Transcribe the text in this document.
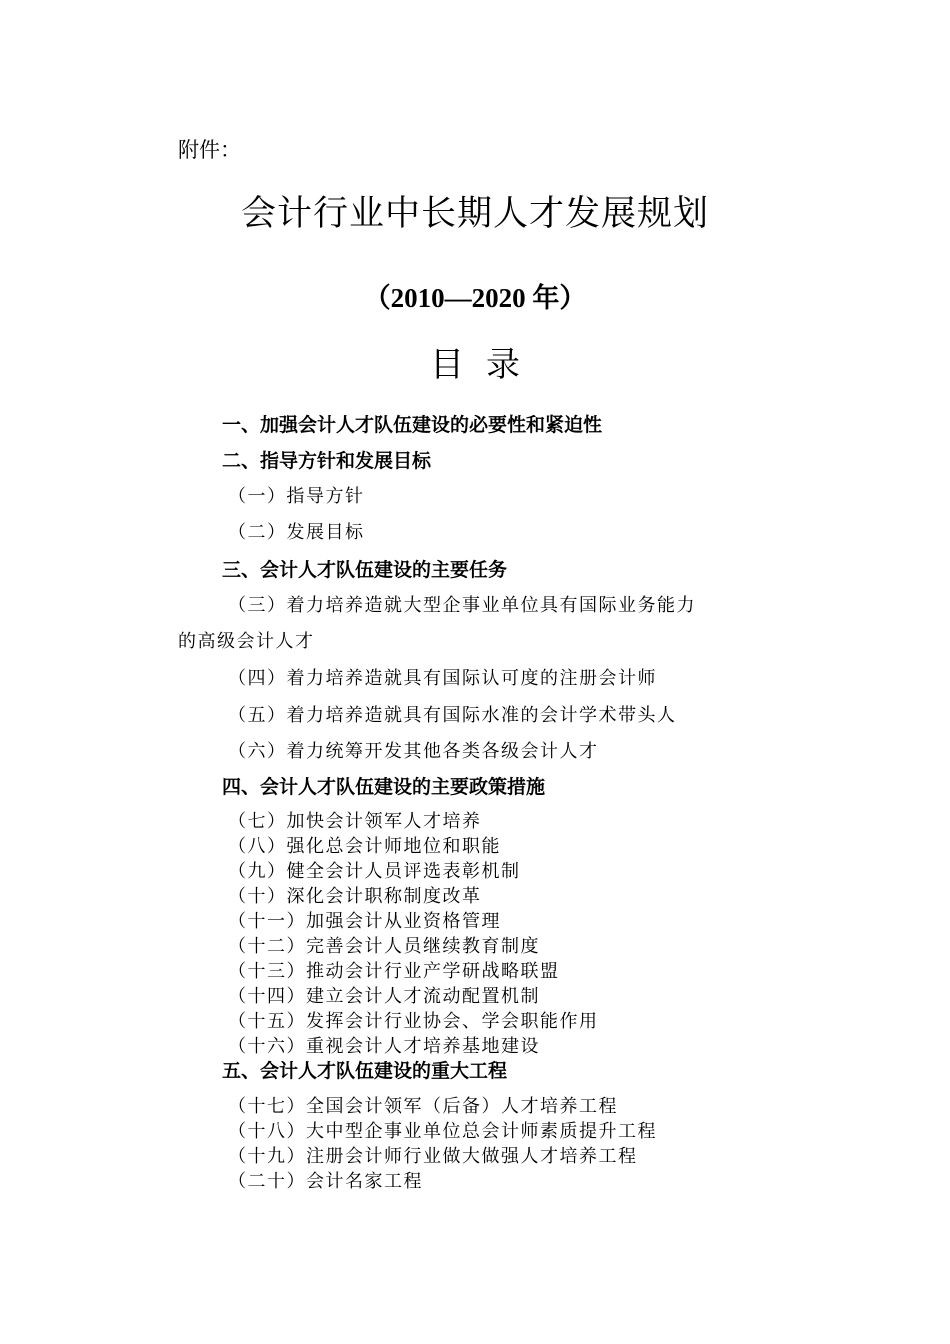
附件：
会计行业中长期人才发展规划
（2010—2020 年）
目录
一、加强会计人才队伍建设的必要性和紧迫性
二、指导方针和发展目标
（一）指导方针
（二）发展目标
三、会计人才队伍建设的主要任务
（三）着力培养造就大型企事业单位具有国际业务能力
的高级会计人才
（四）着力培养造就具有国际认可度的注册会计师
（五）着力培养造就具有国际水准的会计学术带头人
（六）着力统筹开发其他各类各级会计人才
四、会计人才队伍建设的主要政策措施
（七）加快会计领军人才培养
（八）强化总会计师地位和职能
（九）健全会计人员评选表彰机制
（十）深化会计职称制度改革
（十一）加强会计从业资格管理
（十二）完善会计人员继续教育制度
（十三）推动会计行业产学研战略联盟
（十四）建立会计人才流动配置机制
（十五）发挥会计行业协会、学会职能作用
（十六）重视会计人才培养基地建设
五、会计人才队伍建设的重大工程
（十七）全国会计领军（后备）人才培养工程
（十八）大中型企事业单位总会计师素质提升工程
（十九）注册会计师行业做大做强人才培养工程
（二十）会计名家工程
